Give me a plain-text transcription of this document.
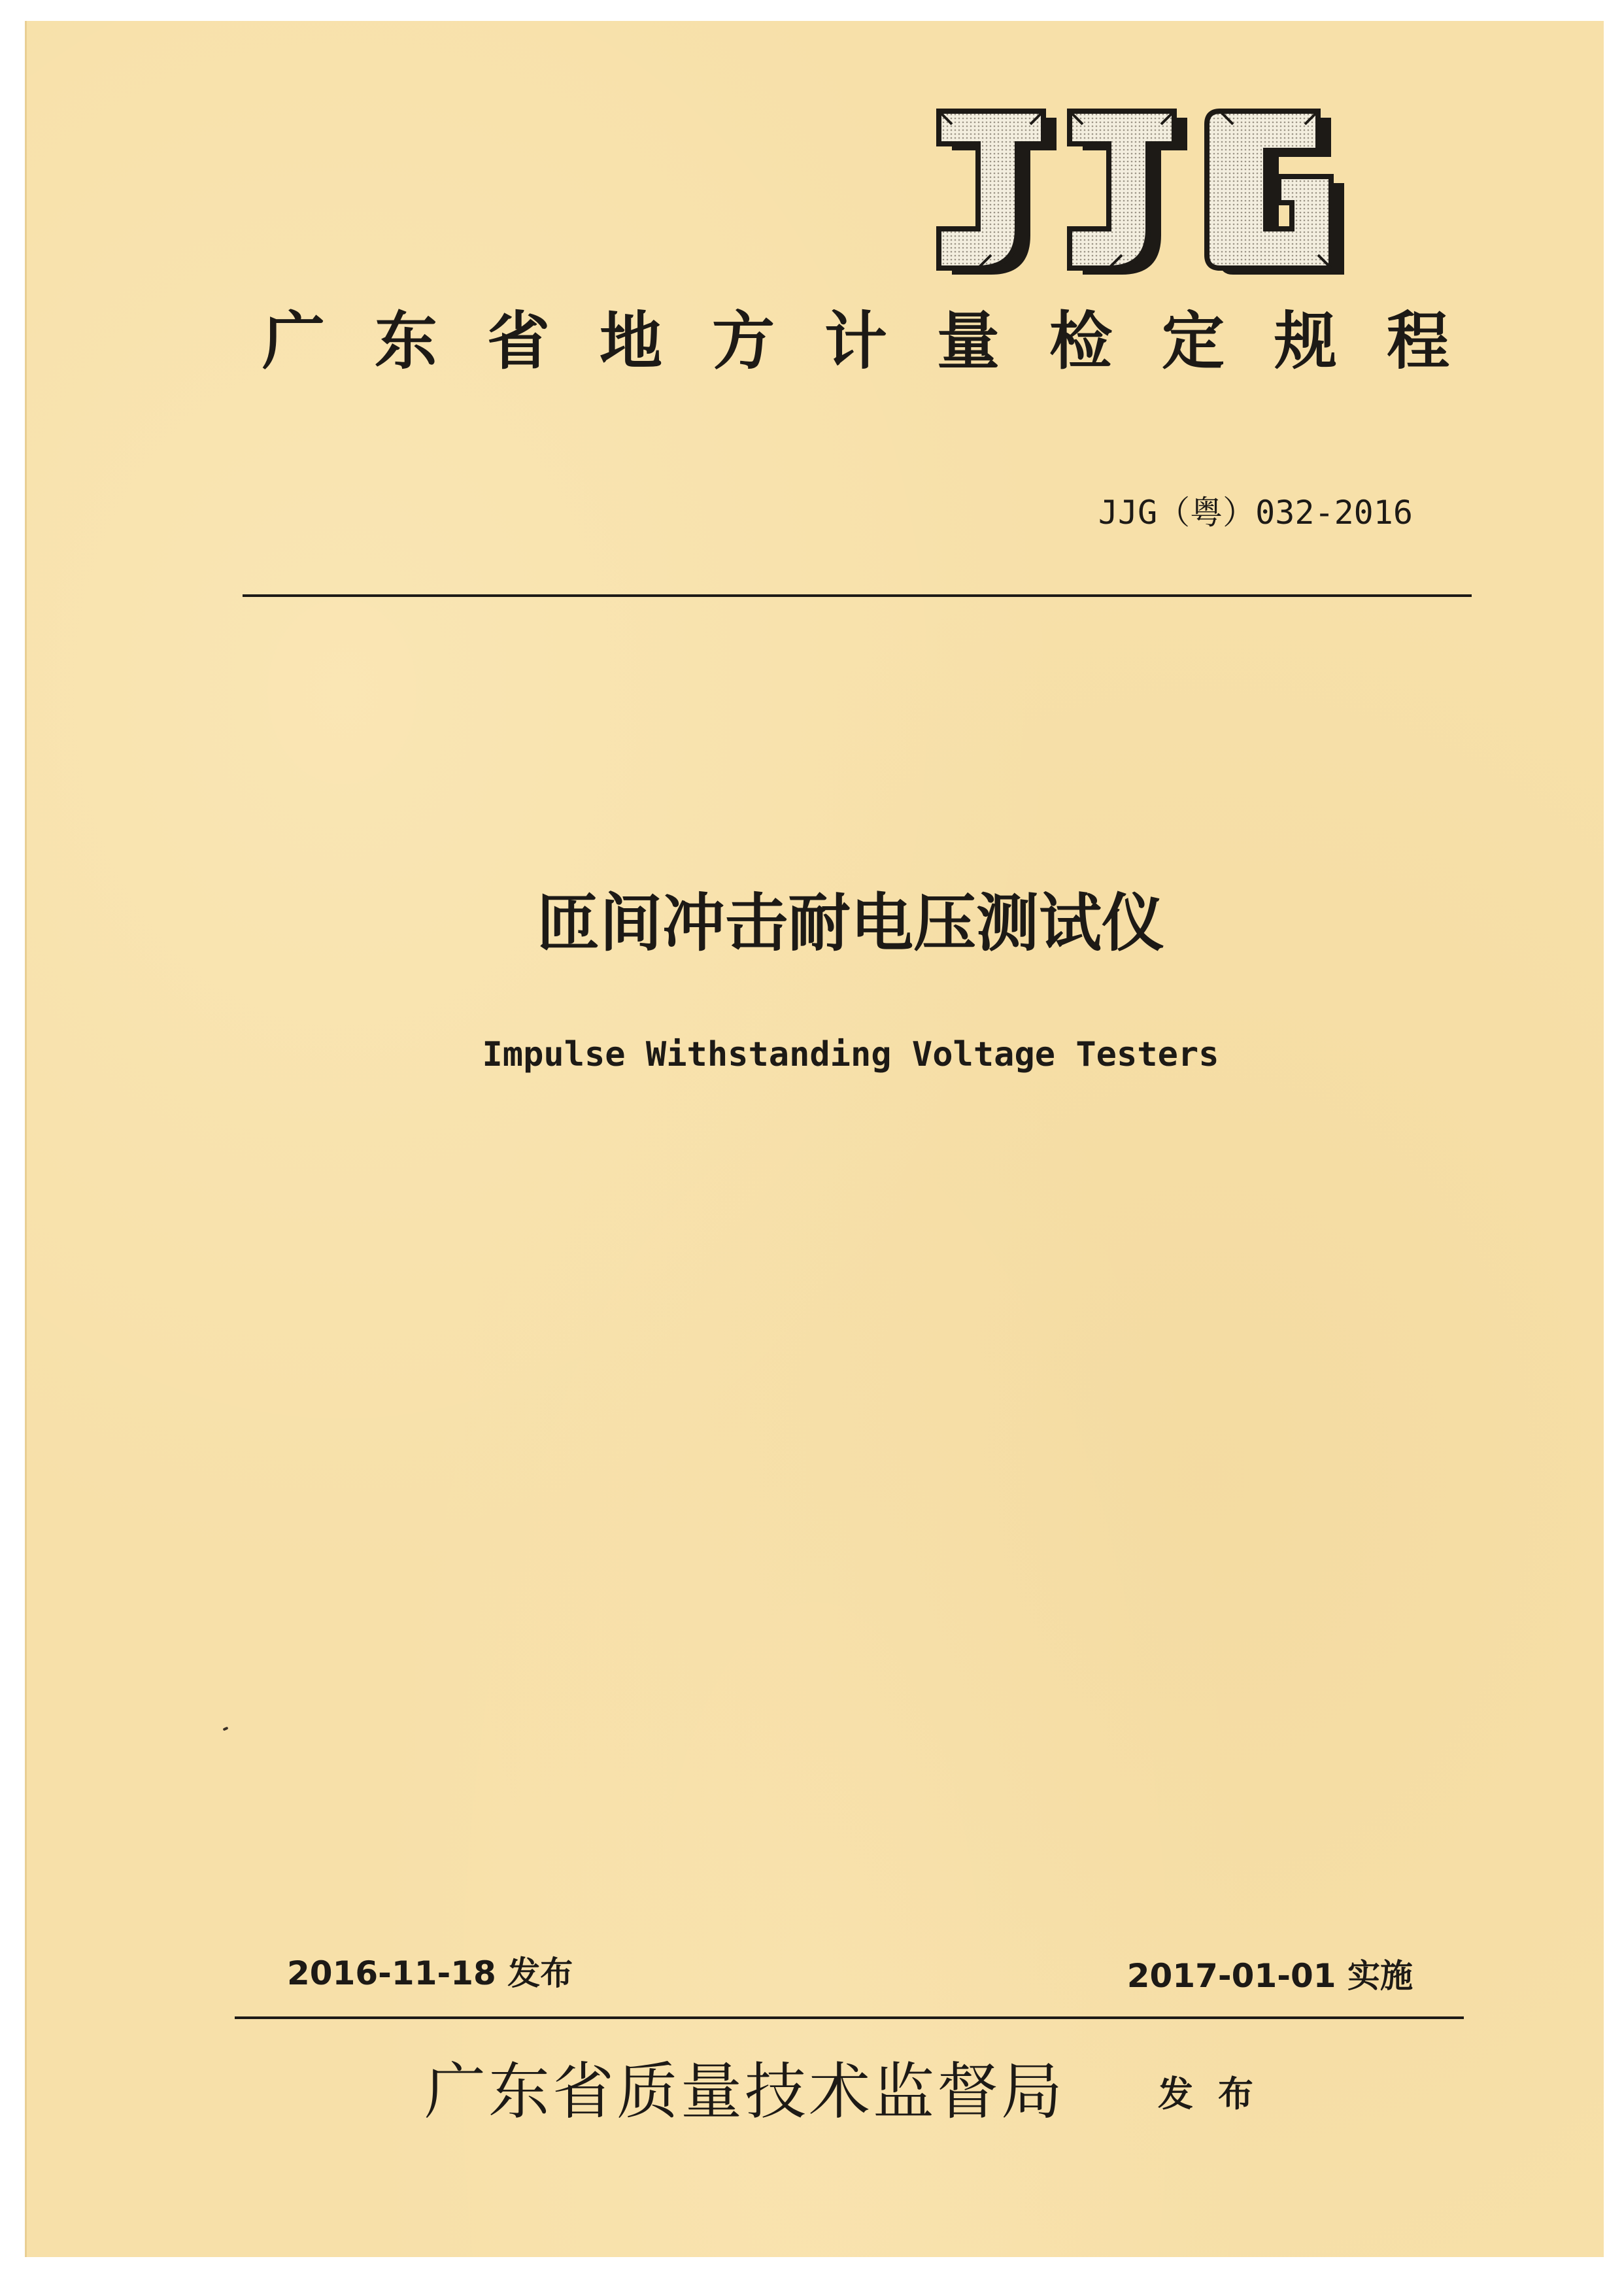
广东省地方计量检定规程
JJG（粤）032-2016
匝间冲击耐电压测试仪
Impulse Withstanding Voltage Testers
2016-11-18 发布	2017-01-01 实施
广东省质量技术监督局	发布
